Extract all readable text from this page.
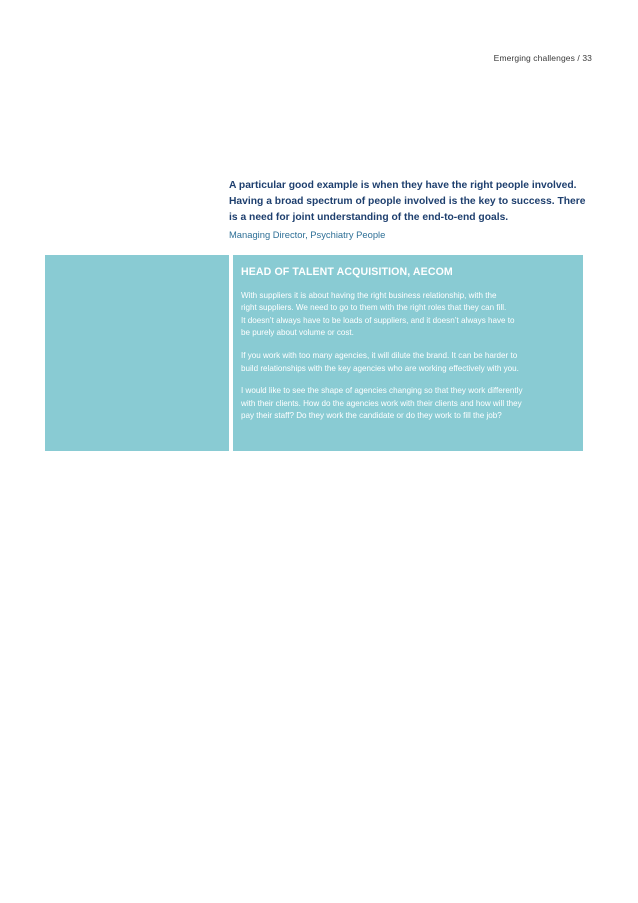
Emerging challenges / 33

A particular good example is when they have the right people involved.
Having a broad spectrum of people involved is the key to success. There
is a need for joint understanding of the end-to-end goals.

Managing Director, Psychiatry People

HEAD OF TALENT ACQUISITION, AECOM

With suppliers it is about having the right business relationship, with the
right suppliers. We need to go to them with the right roles that they can fill.
It doesn’t always have to be loads of suppliers, and it doesn’t always have to
be purely about volume or cost.

If you work with too many agencies, it will dilute the brand. It can be harder to
build relationships with the key agencies who are working effectively with you.

I would like to see the shape of agencies changing so that they work differently
with their clients. How do the agencies work with their clients and how will they
pay their staff? Do they work the candidate or do they work to fill the job?
